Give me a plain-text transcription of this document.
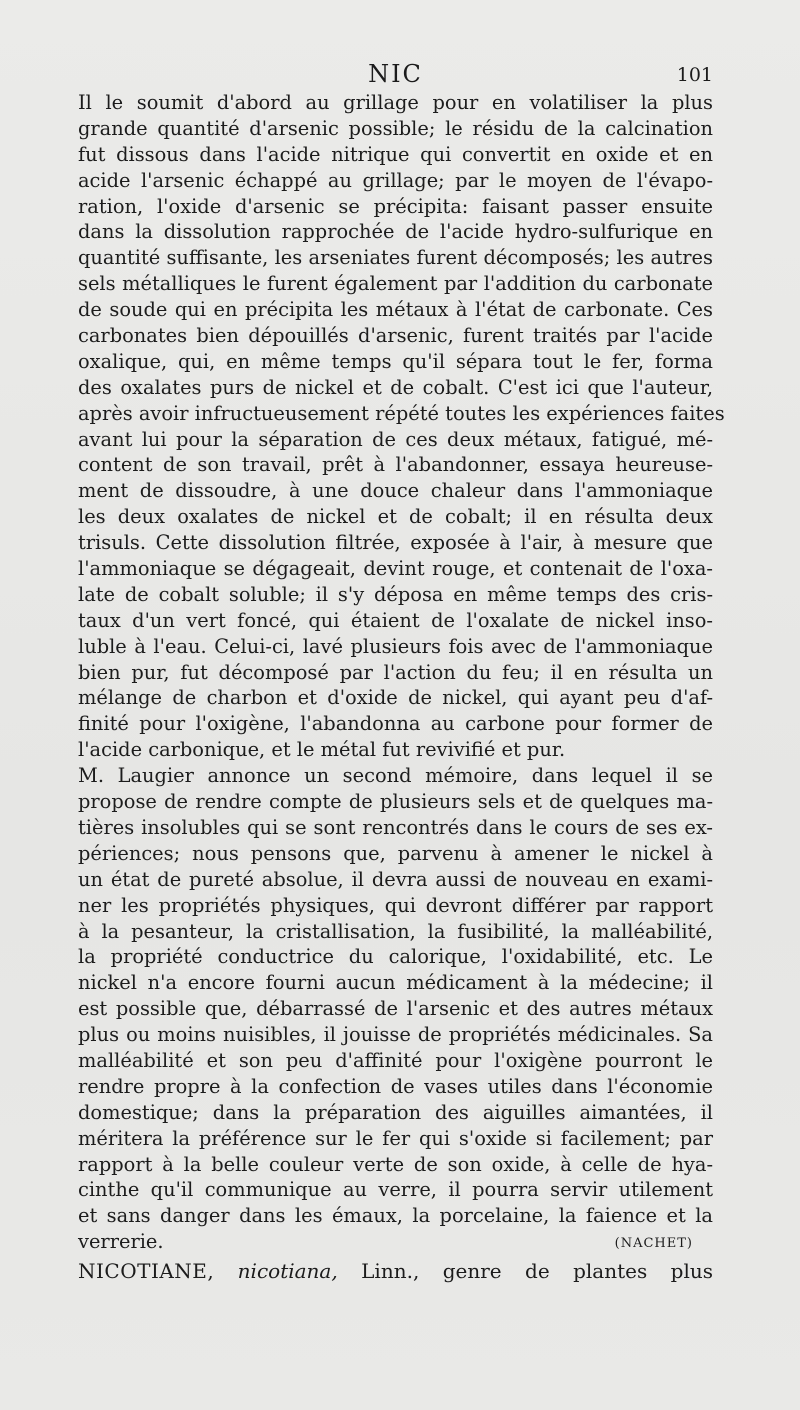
NIC	101
Il le soumit d'abord au grillage pour en volatiliser la plus
grande quantité d'arsenic possible; le résidu de la calcination
fut dissous dans l'acide nitrique qui convertit en oxide et en
acide l'arsenic échappé au grillage; par le moyen de l'évapo-
ration, l'oxide d'arsenic se précipita: faisant passer ensuite
dans la dissolution rapprochée de l'acide hydro-sulfurique en
quantité suffisante, les arseniates furent décomposés; les autres
sels métalliques le furent également par l'addition du carbonate
de soude qui en précipita les métaux à l'état de carbonate. Ces
carbonates bien dépouillés d'arsenic, furent traités par l'acide
oxalique, qui, en même temps qu'il sépara tout le fer, forma
des oxalates purs de nickel et de cobalt. C'est ici que l'auteur,
après avoir infructueusement répété toutes les expériences faites
avant lui pour la séparation de ces deux métaux, fatigué, mé-
content de son travail, prêt à l'abandonner, essaya heureuse-
ment de dissoudre, à une douce chaleur dans l'ammoniaque
les deux oxalates de nickel et de cobalt; il en résulta deux
trisuls. Cette dissolution filtrée, exposée à l'air, à mesure que
l'ammoniaque se dégageait, devint rouge, et contenait de l'oxa-
late de cobalt soluble; il s'y déposa en même temps des cris-
taux d'un vert foncé, qui étaient de l'oxalate de nickel inso-
luble à l'eau. Celui-ci, lavé plusieurs fois avec de l'ammoniaque
bien pur, fut décomposé par l'action du feu; il en résulta un
mélange de charbon et d'oxide de nickel, qui ayant peu d'af-
finité pour l'oxigène, l'abandonna au carbone pour former de
l'acide carbonique, et le métal fut revivifié et pur.
M. Laugier annonce un second mémoire, dans lequel il se
propose de rendre compte de plusieurs sels et de quelques ma-
tières insolubles qui se sont rencontrés dans le cours de ses ex-
périences; nous pensons que, parvenu à amener le nickel à
un état de pureté absolue, il devra aussi de nouveau en exami-
ner les propriétés physiques, qui devront différer par rapport
à la pesanteur, la cristallisation, la fusibilité, la malléabilité,
la propriété conductrice du calorique, l'oxidabilité, etc. Le
nickel n'a encore fourni aucun médicament à la médecine; il
est possible que, débarrassé de l'arsenic et des autres métaux
plus ou moins nuisibles, il jouisse de propriétés médicinales. Sa
malléabilité et son peu d'affinité pour l'oxigène pourront le
rendre propre à la confection de vases utiles dans l'économie
domestique; dans la préparation des aiguilles aimantées, il
méritera la préférence sur le fer qui s'oxide si facilement; par
rapport à la belle couleur verte de son oxide, à celle de hya-
cinthe qu'il communique au verre, il pourra servir utilement
et sans danger dans les émaux, la porcelaine, la faience et la
verrerie.	(NACHET)
NICOTIANE, nicotiana, Linn., genre de plantes plus
